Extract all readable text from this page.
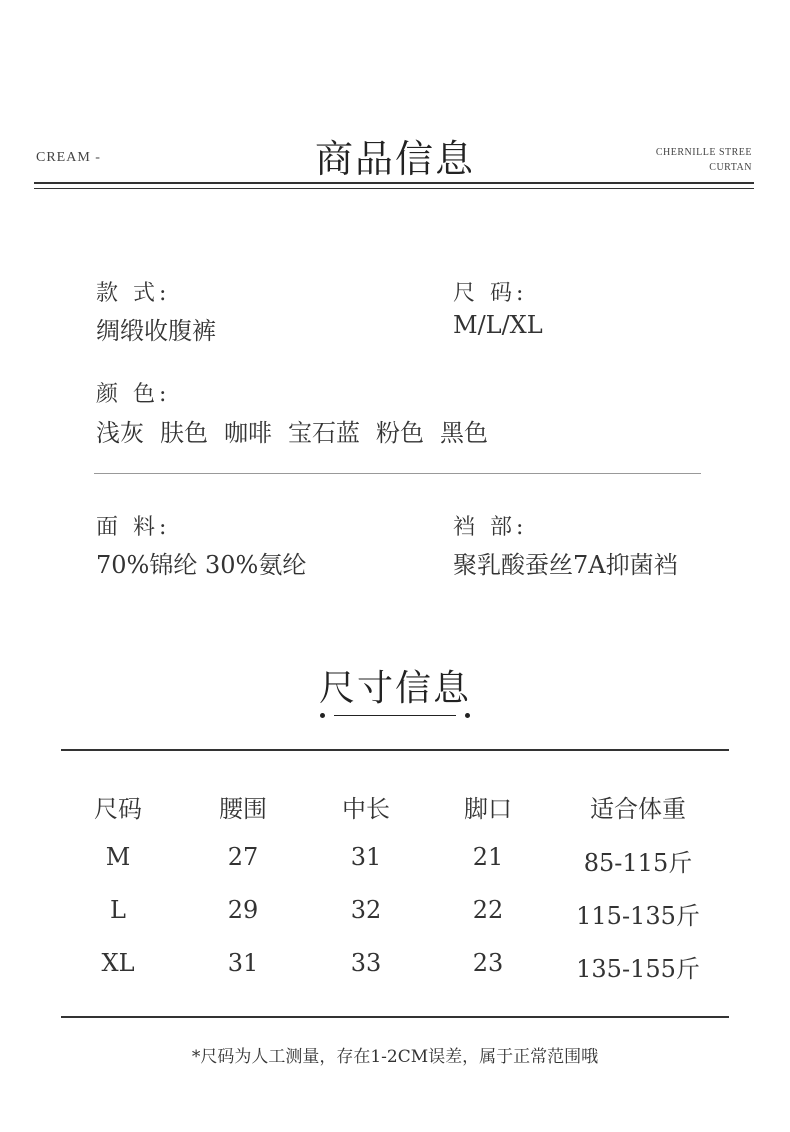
CREAM -	商品信息	CHERNILLE STREE
CURTAN
款 式:
绸缎收腹裤
尺 码:
M/L/XL
颜 色:
浅灰 肤色 咖啡 宝石蓝 粉色 黑色
面 料:
70%锦纶 30%氨纶
裆 部:
聚乳酸蚕丝7A抑菌裆
尺寸信息
尺码	腰围	中长	脚口	适合体重
M	27	31	21	85-115斤
L	29	32	22	115-135斤
XL	31	33	23	135-155斤
*尺码为人工测量，存在1-2CM误差，属于正常范围哦
